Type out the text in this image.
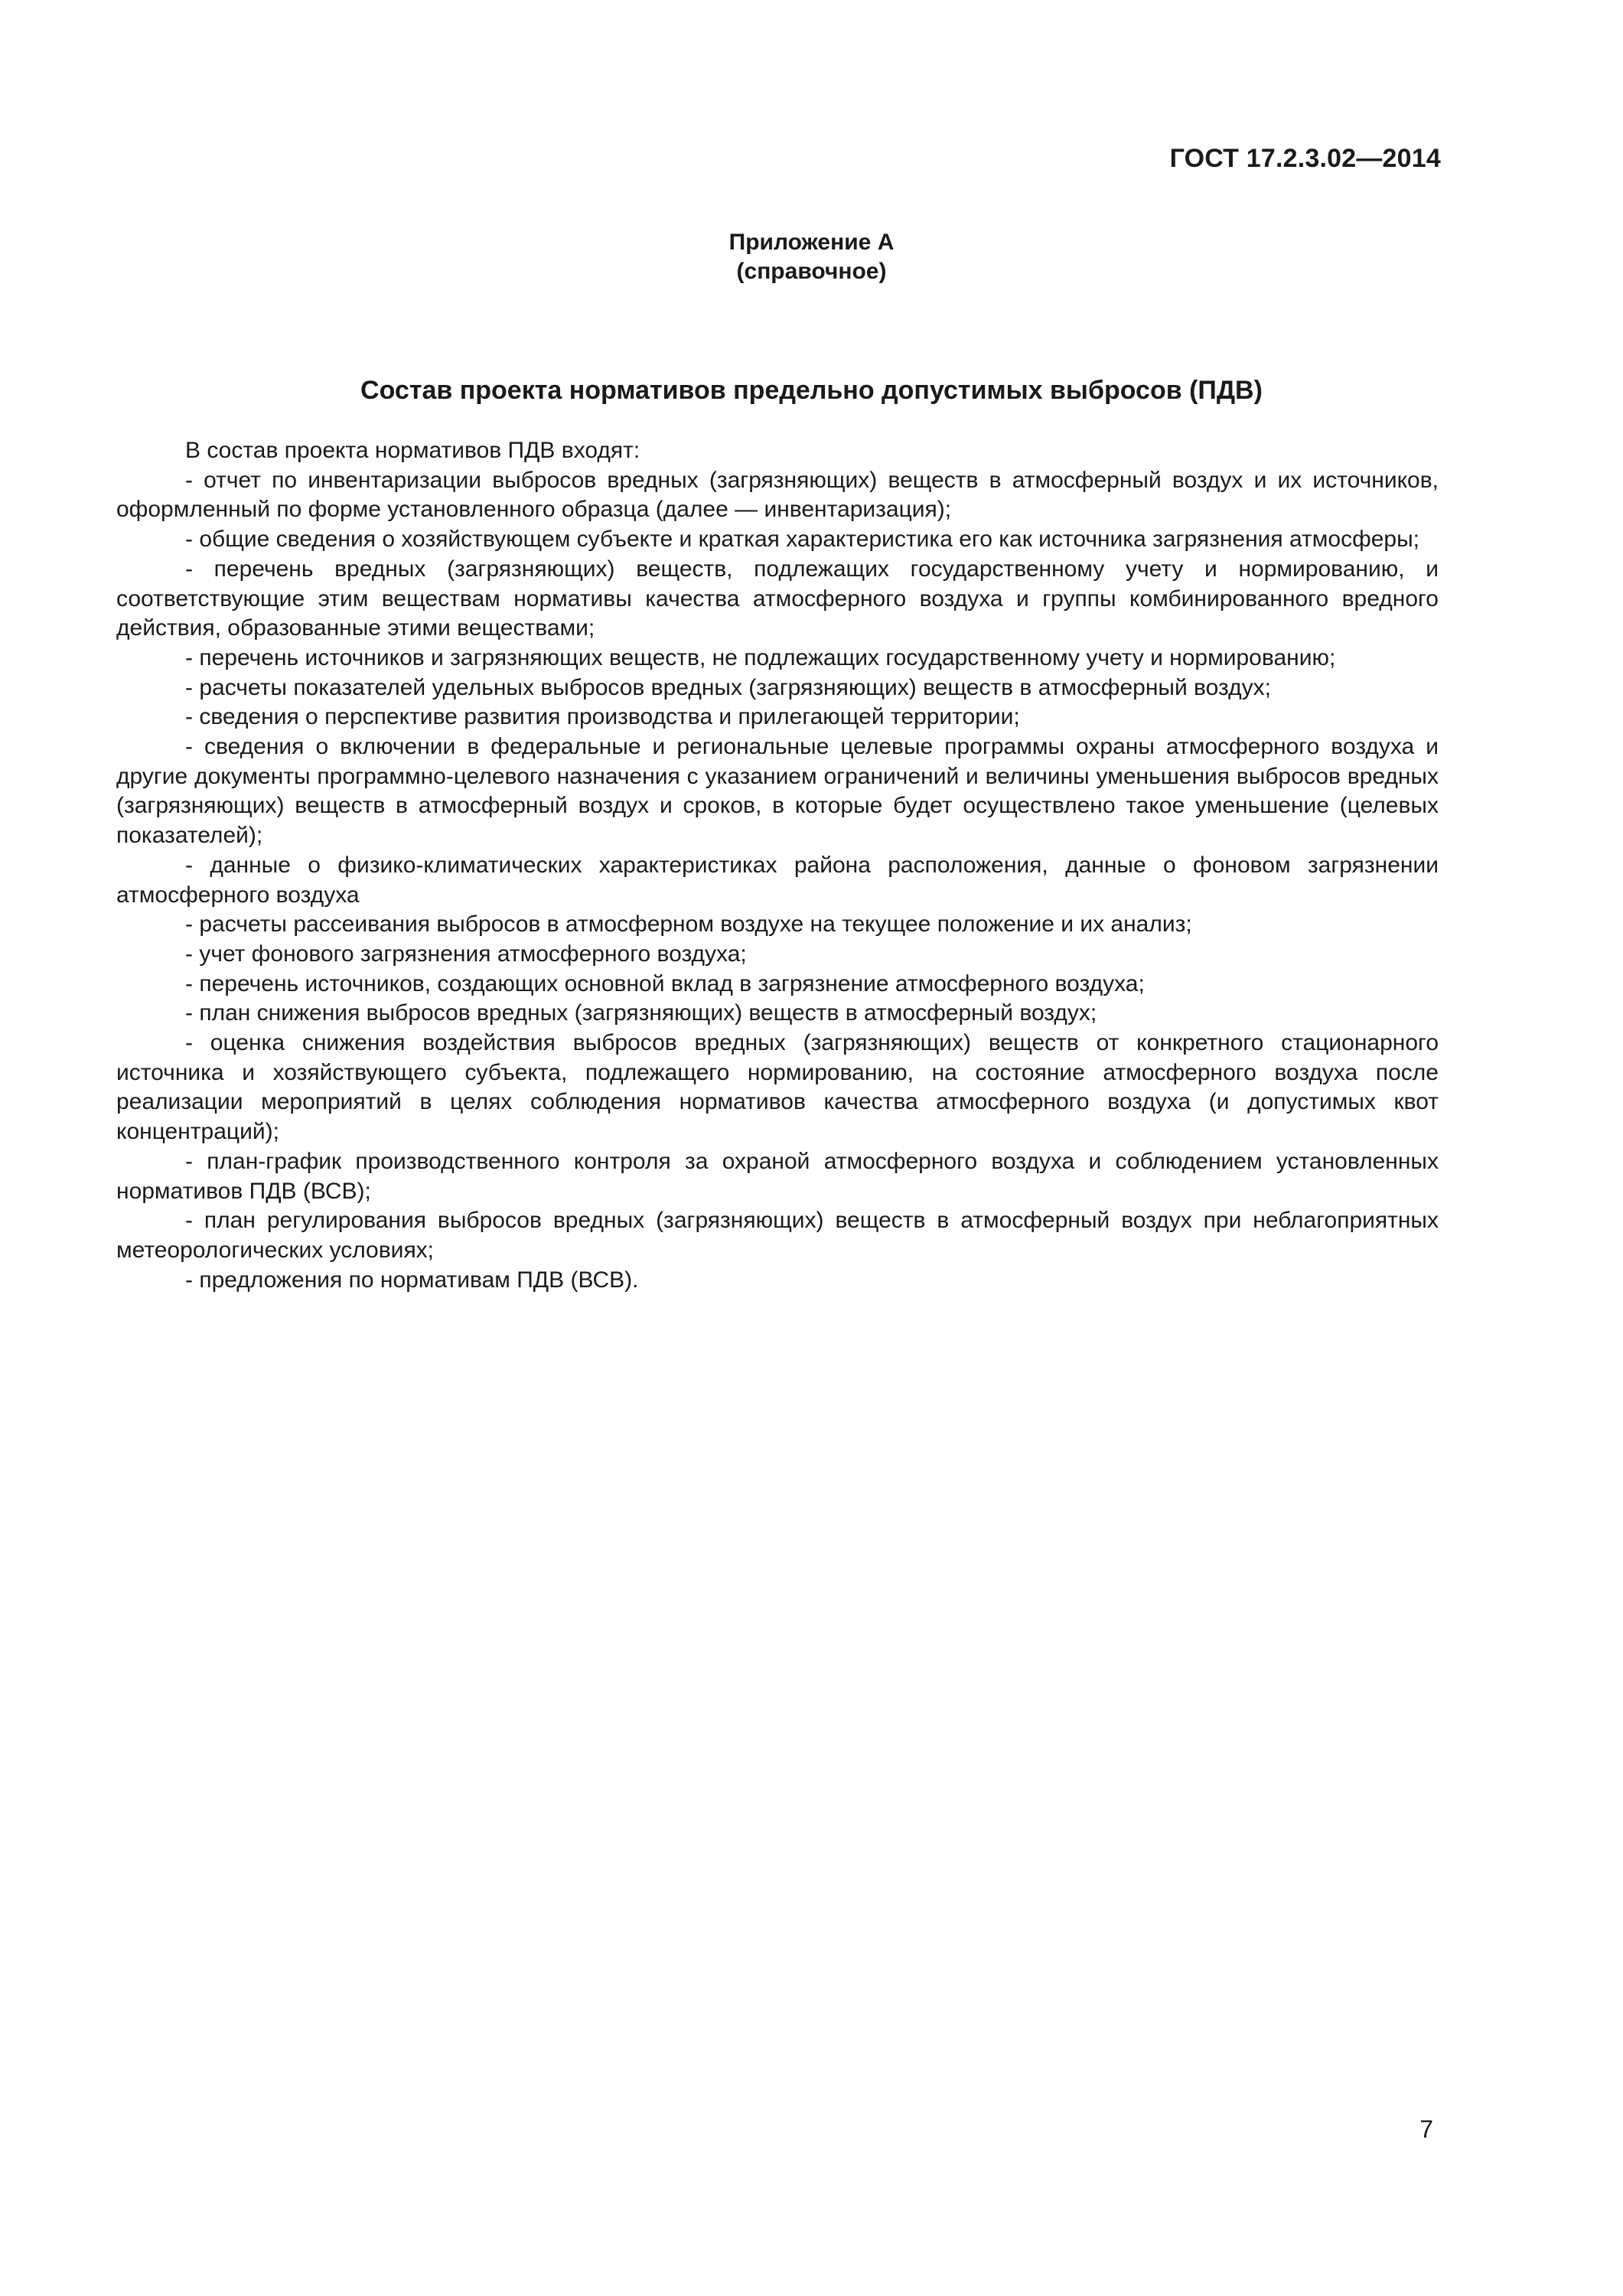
ГОСТ 17.2.3.02—2014
Приложение А
(справочное)
Состав проекта нормативов предельно допустимых выбросов (ПДВ)

В состав проекта нормативов ПДВ входят:

- отчет по инвентаризации выбросов вредных (загрязняющих) веществ в атмосферный воздух и их источников, оформленный по форме установленного образца (далее — инвентаризация);

- общие сведения о хозяйствующем субъекте и краткая характеристика его как источника загрязнения атмосферы;

- перечень вредных (загрязняющих) веществ, подлежащих государственному учету и нормированию, и соответствующие этим веществам нормативы качества атмосферного воздуха и группы комбинированного вредного действия, образованные этими веществами;

- перечень источников и загрязняющих веществ, не подлежащих государственному учету и нормированию;

- расчеты показателей удельных выбросов вредных (загрязняющих) веществ в атмосферный воздух;

- сведения о перспективе развития производства и прилегающей территории;

- сведения о включении в федеральные и региональные целевые программы охраны атмосферного воздуха и другие документы программно-целевого назначения с указанием ограничений и величины уменьшения выбросов вредных (загрязняющих) веществ в атмосферный воздух и сроков, в которые будет осуществлено такое уменьшение (целевых показателей);

- данные о физико-климатических характеристиках района расположения, данные о фоновом загрязнении атмосферного воздуха

- расчеты рассеивания выбросов в атмосферном воздухе на текущее положение и их анализ;

- учет фонового загрязнения атмосферного воздуха;

- перечень источников, создающих основной вклад в загрязнение атмосферного воздуха;

- план снижения выбросов вредных (загрязняющих) веществ в атмосферный воздух;

- оценка снижения воздействия выбросов вредных (загрязняющих) веществ от конкретного стационарного источника и хозяйствующего субъекта, подлежащего нормированию, на состояние атмосферного воздуха после реализации мероприятий в целях соблюдения нормативов качества атмосферного воздуха (и допустимых квот концентраций);

- план-график производственного контроля за охраной атмосферного воздуха и соблюдением установленных нормативов ПДВ (ВСВ);

- план регулирования выбросов вредных (загрязняющих) веществ в атмосферный воздух при неблагоприятных метеорологических условиях;

- предложения по нормативам ПДВ (ВСВ).

7
